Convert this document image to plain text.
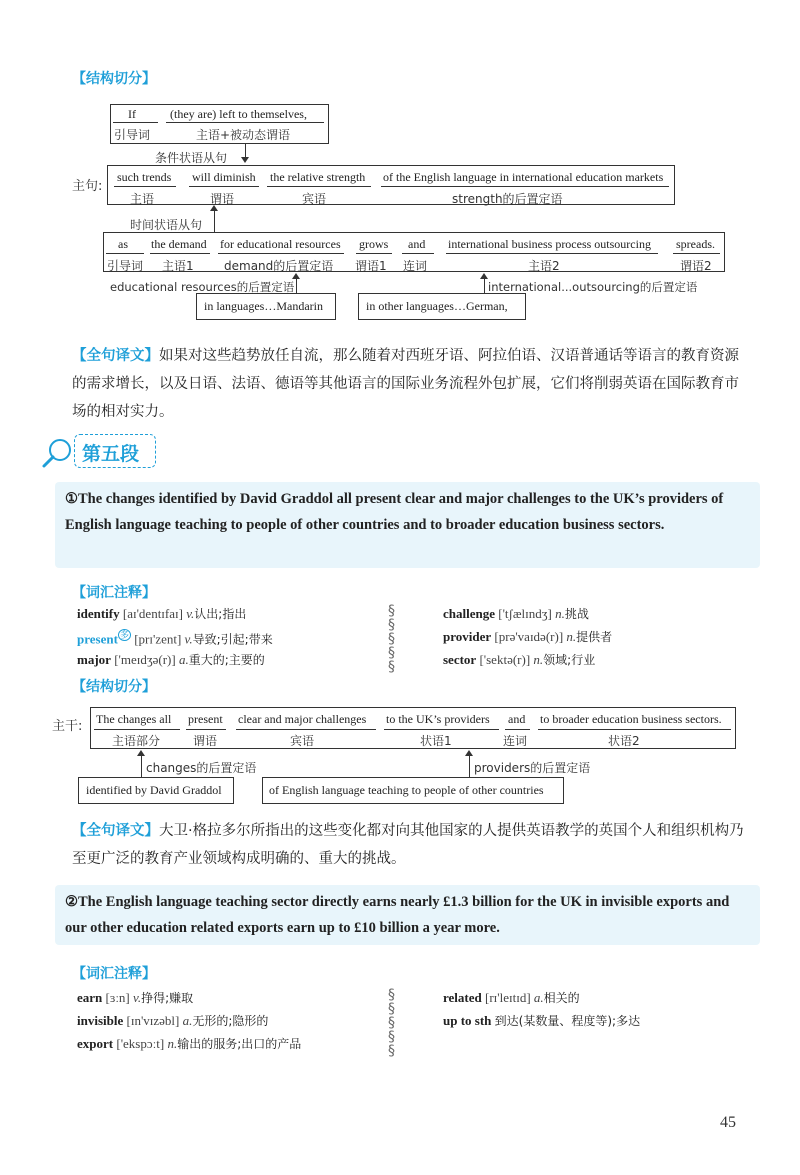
【结构切分】
If
引导词
(they are) left to themselves,
主语+被动态谓语
条件状语从句
主句:
such trends
主语
will diminish
谓语
the relative strength
宾语
of the English language in international education markets
strength的后置定语
时间状语从句
as
引导词
the demand
主语1
for educational resources
demand的后置定语
grows
谓语1
and
连词
international business process outsourcing
主语2
spreads.
谓语2
educational resources的后置定语
in languages…Mandarin
international...outsourcing的后置定语
in other languages…German,
【全句译文】如果对这些趋势放任自流，那么随着对西班牙语、阿拉伯语、汉语普通话等语言的教育资源的需求增长，以及日语、法语、德语等其他语言的国际业务流程外包扩展，它们将削弱英语在国际教育市场的相对实力。
第五段

①The changes identified by David Graddol all present clear and major challenges to the UK’s providers of English language teaching to people of other countries and to broader education business sectors.

【词汇注释】
identify [aɪ'dentɪfaɪ] v.认出;指出
present $^多$ [prɪ'zent] v.导致;引起;带来
major ['meɪdʒə(r)] a.重大的;主要的
§
§
§
§
§
challenge ['tʃælɪndʒ] n.挑战
provider [prə'vaɪdə(r)] n.提供者
sector ['sektə(r)] n.领域;行业
【结构切分】
主干: The changes all
主语部分
present
谓语
clear and major challenges
宾语
to the UK’s providers
状语1
and
连词
to broader education business sectors.
状语2
changes的后置定语
identified by David Graddol
providers的后置定语
of English language teaching to people of other countries
【全句译文】大卫·格拉多尔所指出的这些变化都对向其他国家的人提供英语教学的英国个人和组织机构乃至更广泛的教育产业领域构成明确的、重大的挑战。

②The English language teaching sector directly earns nearly £1.3 billion for the UK in invisible exports and our other education related exports earn up to £10 billion a year more.

【词汇注释】
earn [ɜːn] v.挣得;赚取
invisible [ɪn'vɪzəbl] a.无形的;隐形的
export ['ekspɔːt] n.输出的服务;出口的产品
§
§
§
§
§
related [rɪ'leɪtɪd] a.相关的
up to sth 到达(某数量、程度等);多达
45
